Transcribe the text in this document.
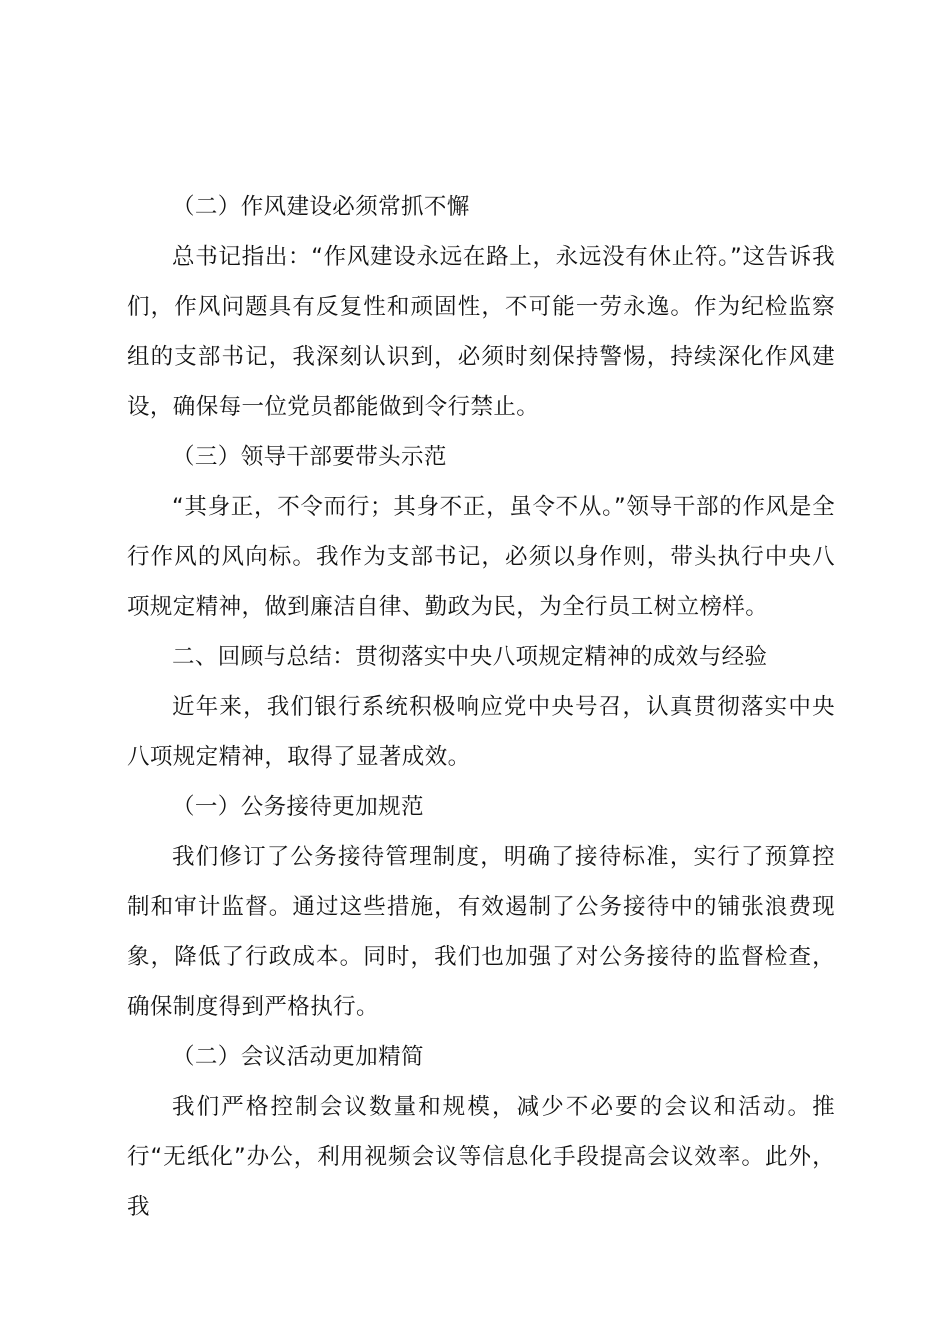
（二）作风建设必须常抓不懈

总书记指出：“作风建设永远在路上，永远没有休止符。”这告诉我们，作风问题具有反复性和顽固性，不可能一劳永逸。作为纪检监察组的支部书记，我深刻认识到，必须时刻保持警惕，持续深化作风建设，确保每一位党员都能做到令行禁止。

（三）领导干部要带头示范

“其身正，不令而行；其身不正，虽令不从。”领导干部的作风是全行作风的风向标。我作为支部书记，必须以身作则，带头执行中央八项规定精神，做到廉洁自律、勤政为民，为全行员工树立榜样。

二、回顾与总结：贯彻落实中央八项规定精神的成效与经验

近年来，我们银行系统积极响应党中央号召，认真贯彻落实中央八项规定精神，取得了显著成效。

（一）公务接待更加规范

我们修订了公务接待管理制度，明确了接待标准，实行了预算控制和审计监督。通过这些措施，有效遏制了公务接待中的铺张浪费现象，降低了行政成本。同时，我们也加强了对公务接待的监督检查，确保制度得到严格执行。

（二）会议活动更加精简

我们严格控制会议数量和规模，减少不必要的会议和活动。推行“无纸化”办公，利用视频会议等信息化手段提高会议效率。此外，我
